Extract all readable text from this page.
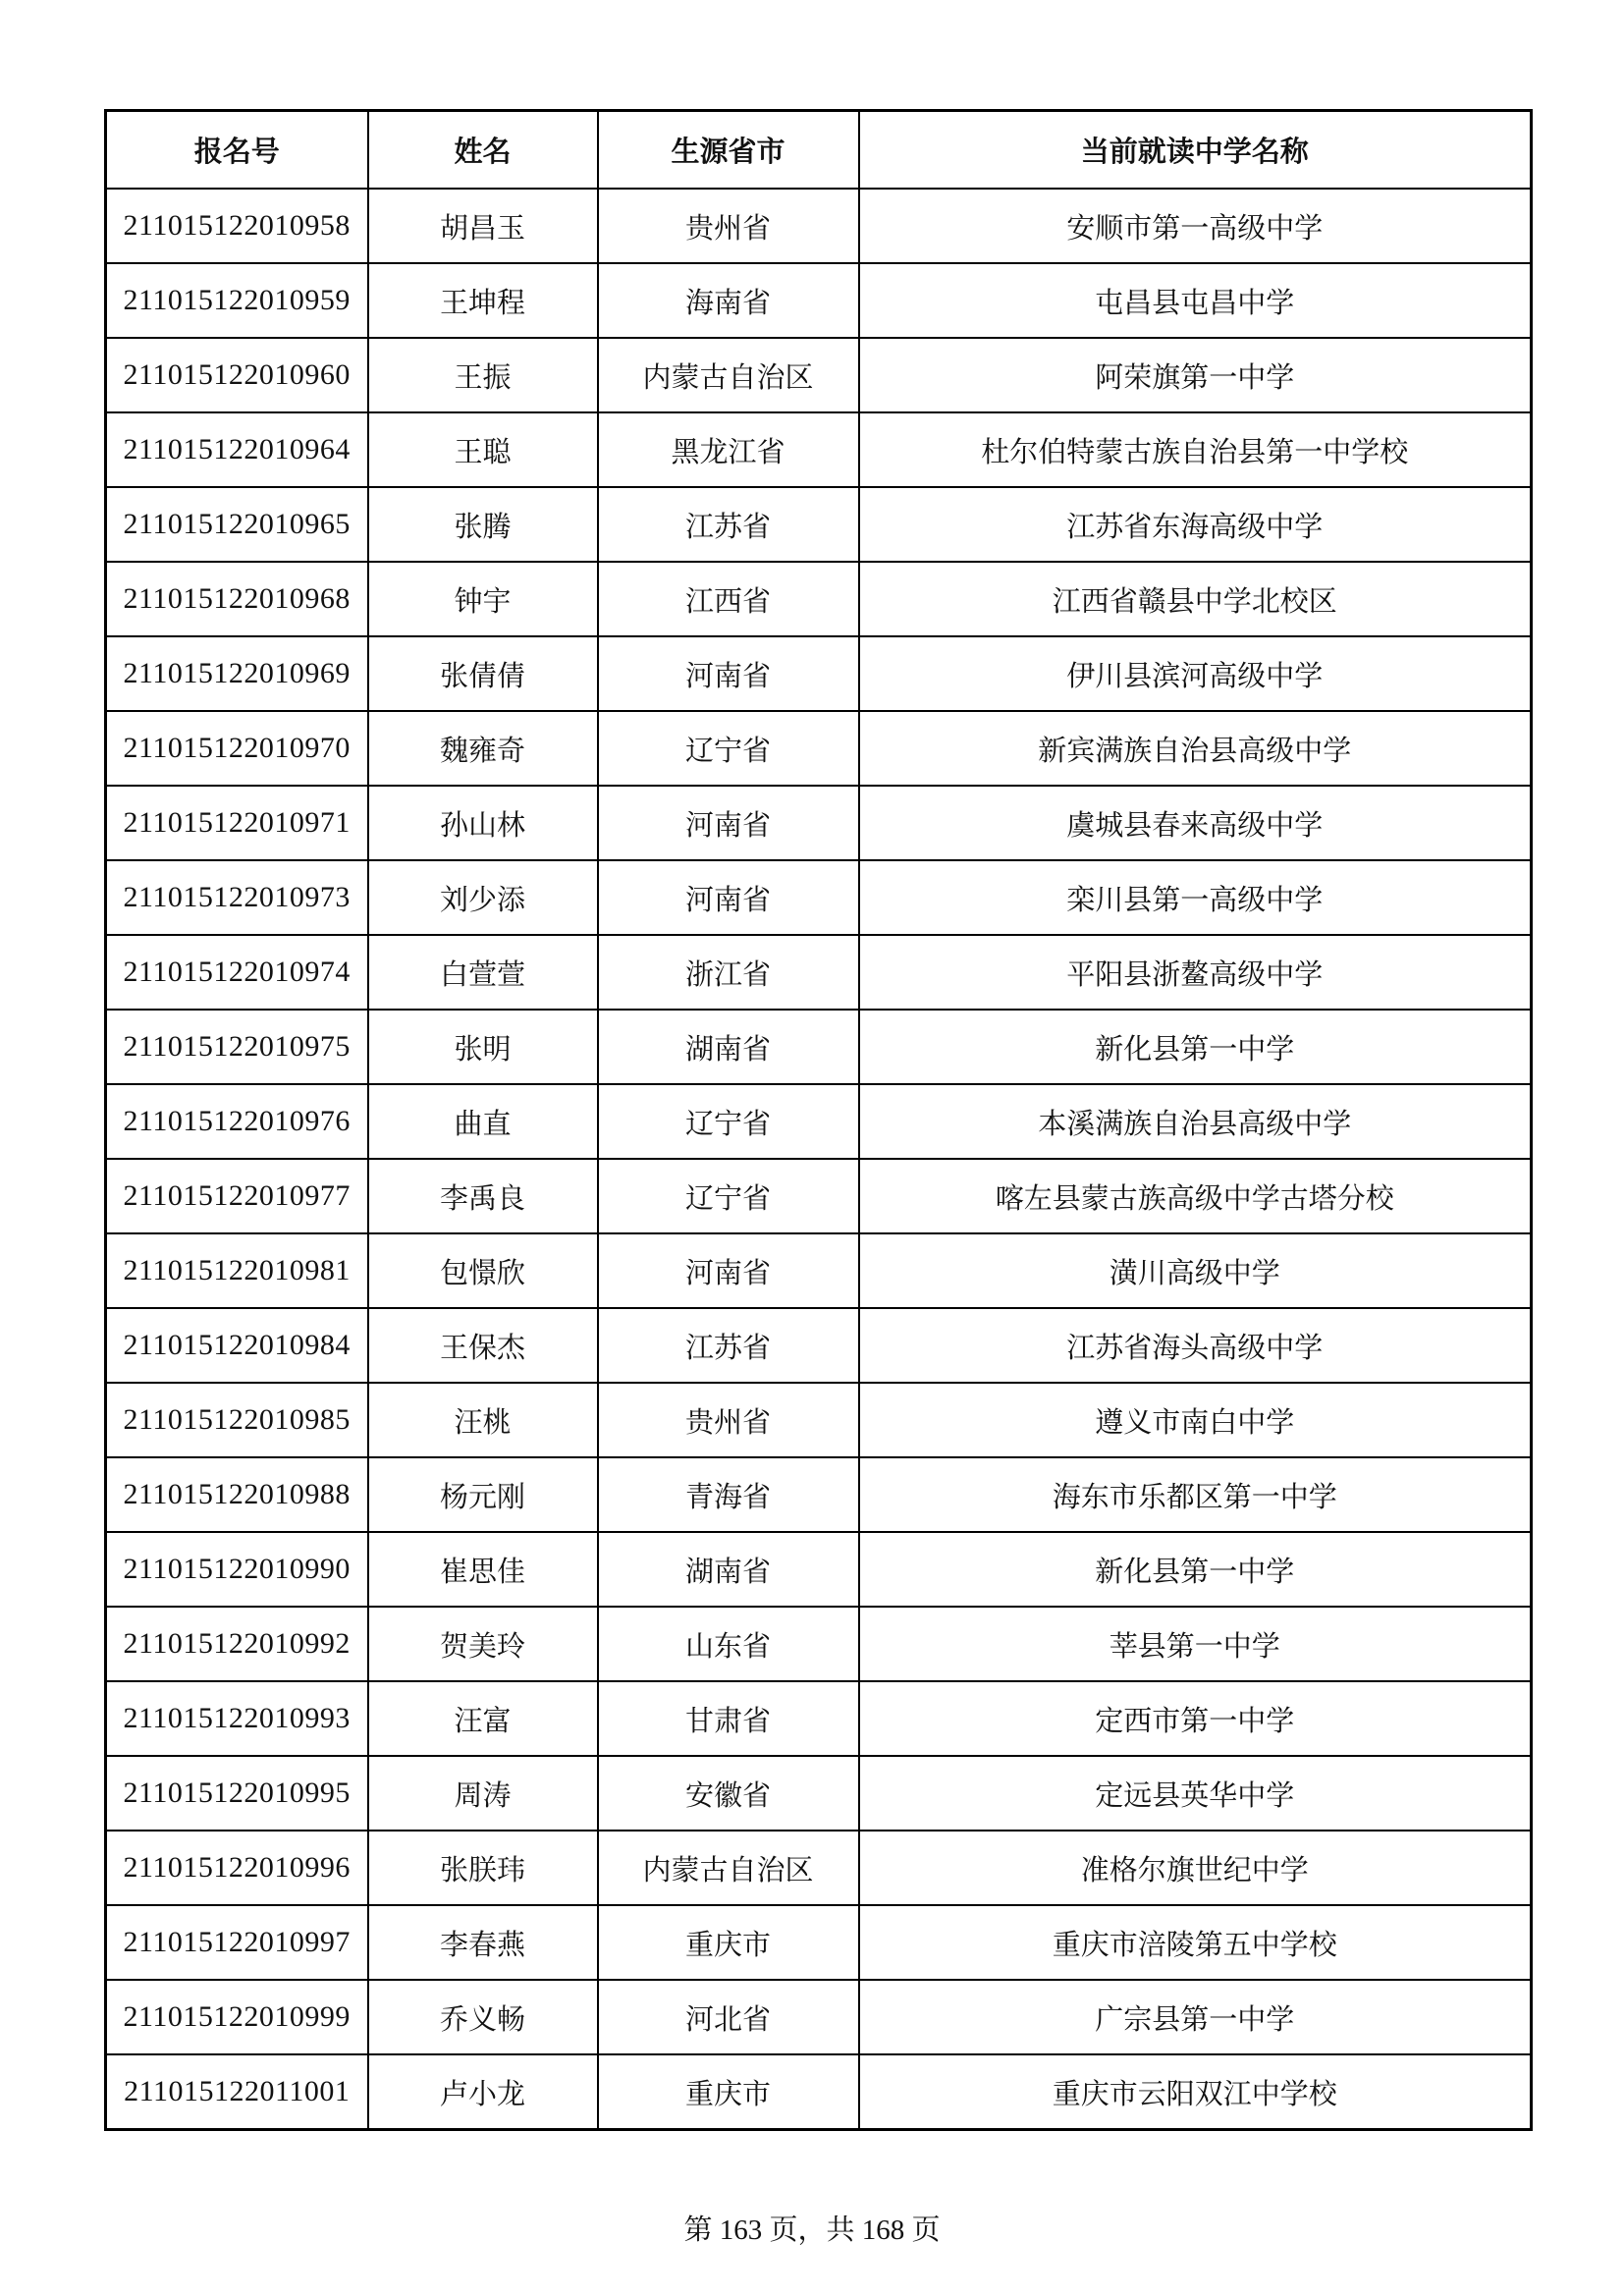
报名号	姓名	生源省市	当前就读中学名称
211015122010958	胡昌玉	贵州省	安顺市第一高级中学
211015122010959	王坤程	海南省	屯昌县屯昌中学
211015122010960	王振	内蒙古自治区	阿荣旗第一中学
211015122010964	王聪	黑龙江省	杜尔伯特蒙古族自治县第一中学校
211015122010965	张腾	江苏省	江苏省东海高级中学
211015122010968	钟宇	江西省	江西省赣县中学北校区
211015122010969	张倩倩	河南省	伊川县滨河高级中学
211015122010970	魏雍奇	辽宁省	新宾满族自治县高级中学
211015122010971	孙山林	河南省	虞城县春来高级中学
211015122010973	刘少添	河南省	栾川县第一高级中学
211015122010974	白萱萱	浙江省	平阳县浙鳌高级中学
211015122010975	张明	湖南省	新化县第一中学
211015122010976	曲直	辽宁省	本溪满族自治县高级中学
211015122010977	李禹良	辽宁省	喀左县蒙古族高级中学古塔分校
211015122010981	包憬欣	河南省	潢川高级中学
211015122010984	王保杰	江苏省	江苏省海头高级中学
211015122010985	汪桃	贵州省	遵义市南白中学
211015122010988	杨元刚	青海省	海东市乐都区第一中学
211015122010990	崔思佳	湖南省	新化县第一中学
211015122010992	贺美玲	山东省	莘县第一中学
211015122010993	汪富	甘肃省	定西市第一中学
211015122010995	周涛	安徽省	定远县英华中学
211015122010996	张朕玮	内蒙古自治区	准格尔旗世纪中学
211015122010997	李春燕	重庆市	重庆市涪陵第五中学校
211015122010999	乔义畅	河北省	广宗县第一中学
211015122011001	卢小龙	重庆市	重庆市云阳双江中学校
第 163 页，共 168 页
